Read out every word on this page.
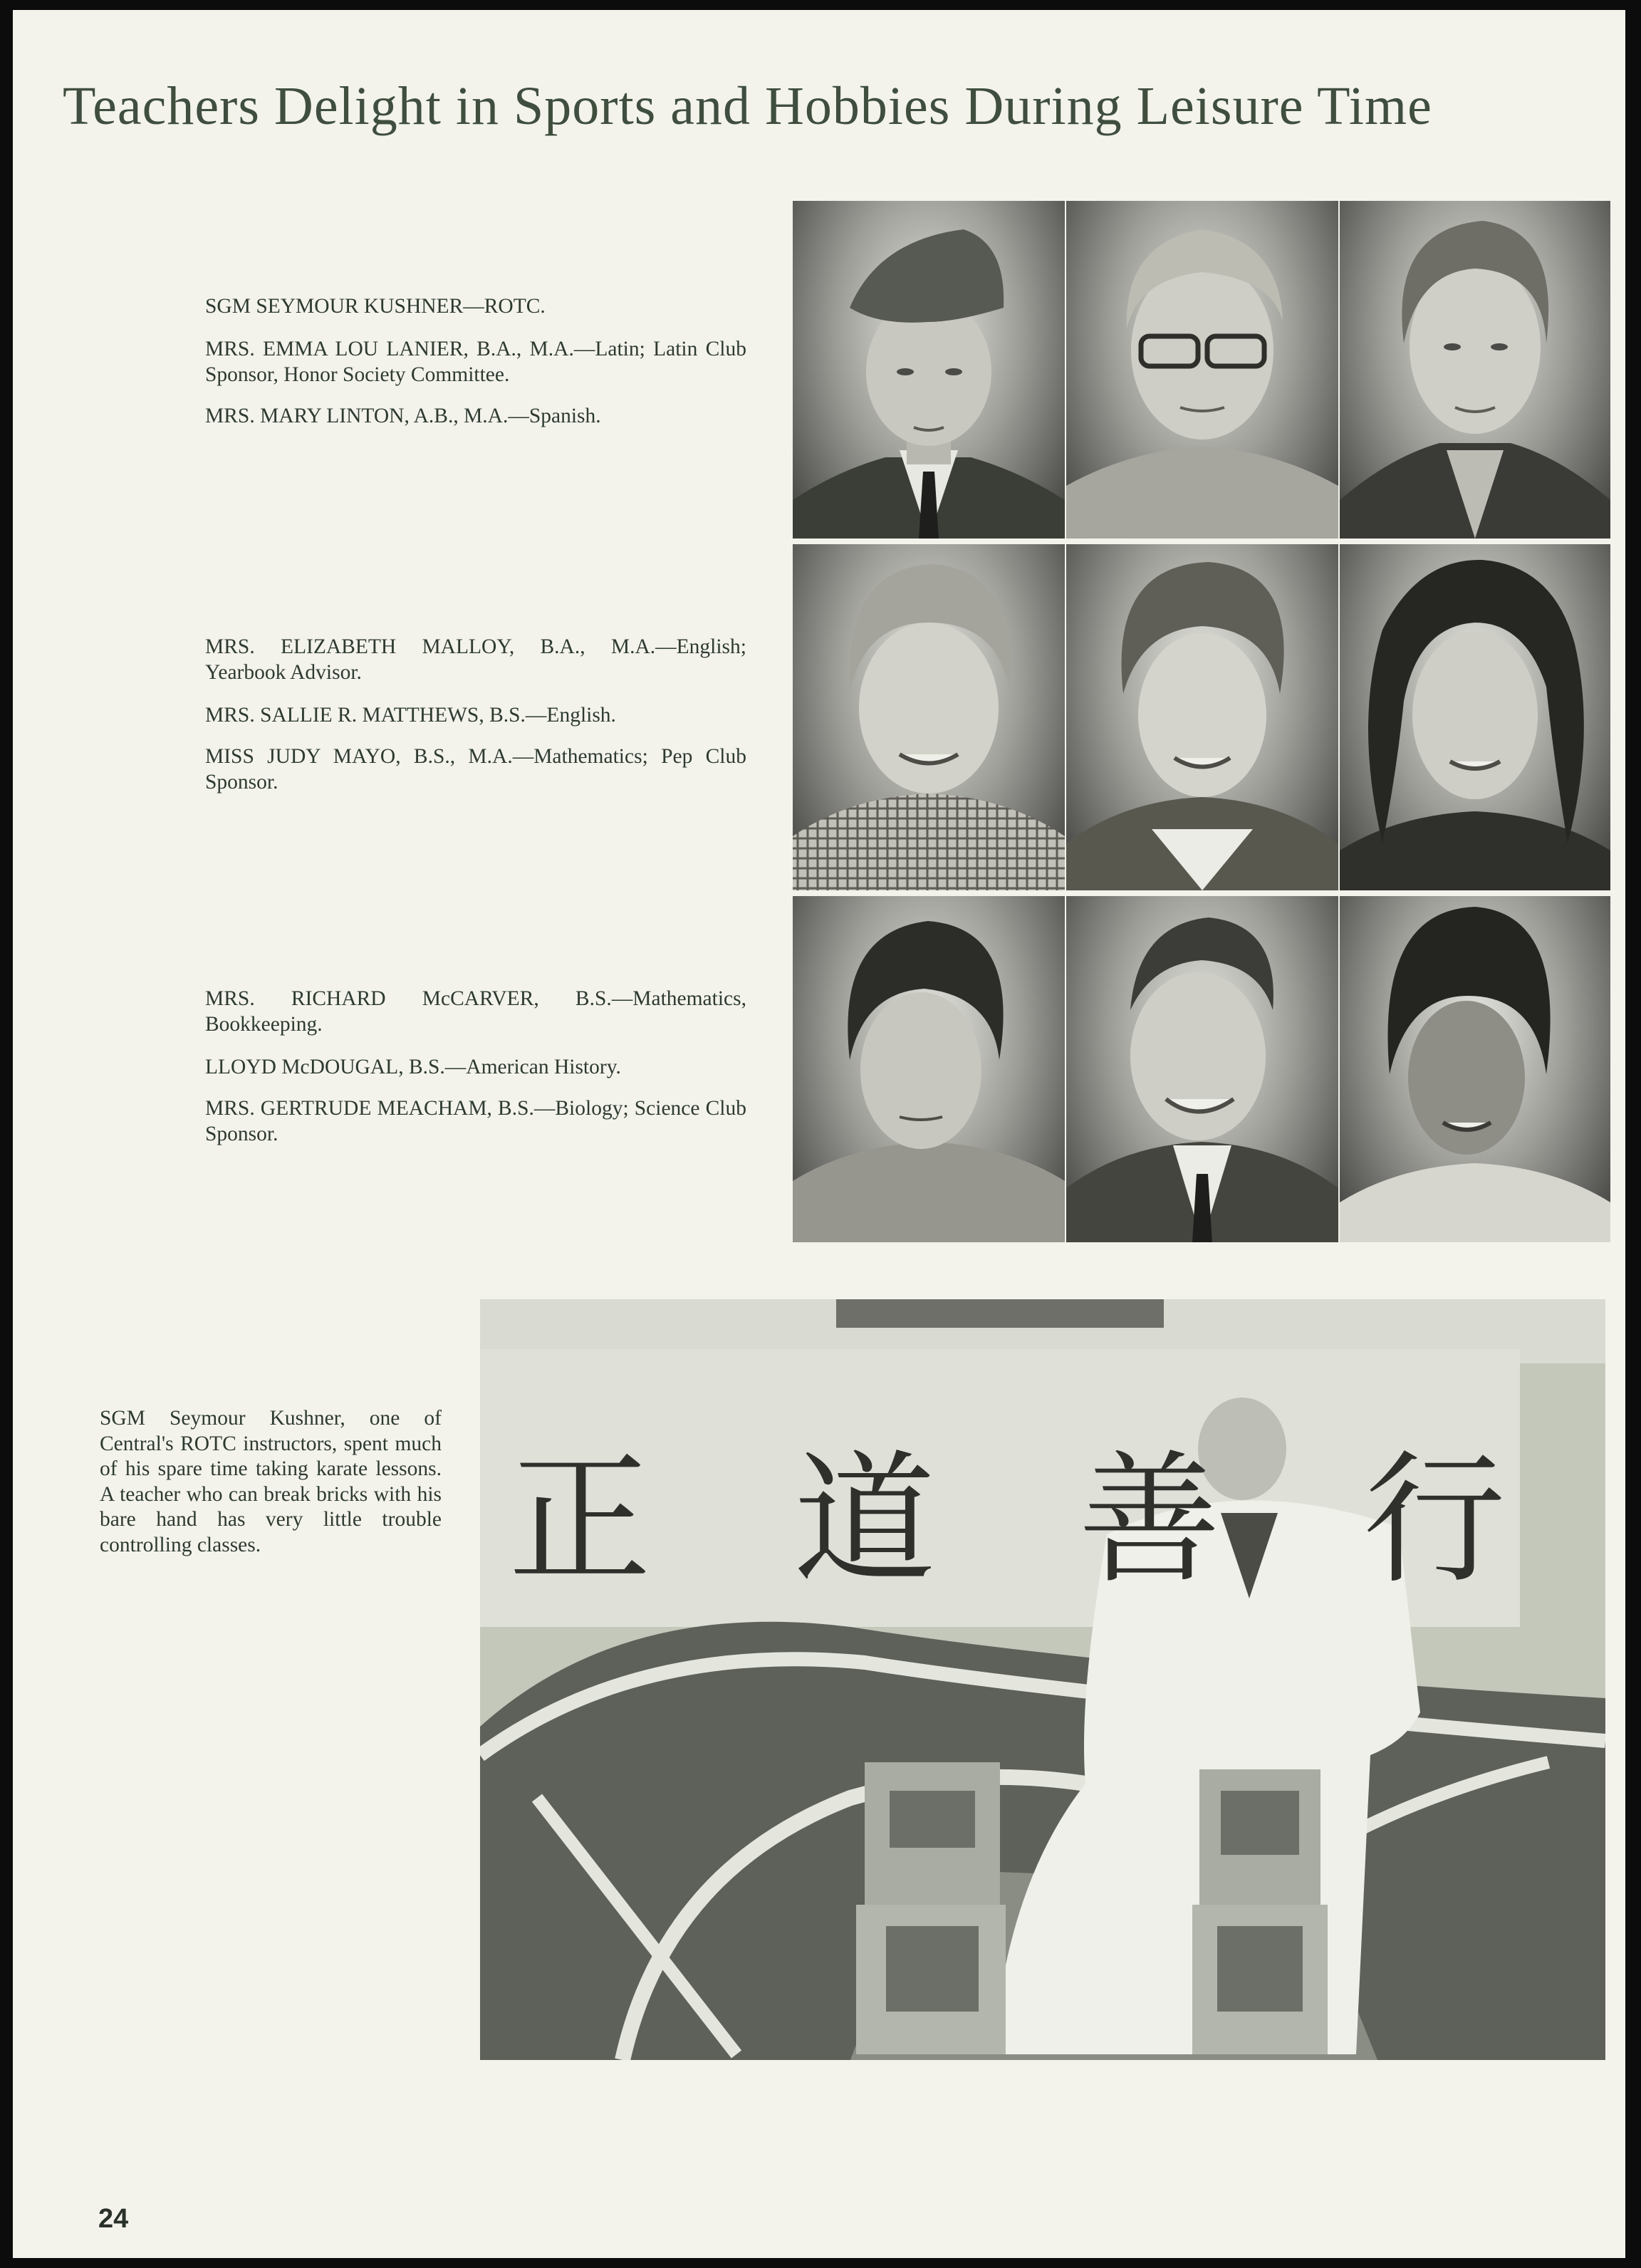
Teachers Delight in Sports and Hobbies During Leisure Time

SGM SEYMOUR KUSHNER—ROTC.

MRS. EMMA LOU LANIER, B.A., M.A.—Latin; Latin Club Sponsor, Honor Society Committee.

MRS. MARY LINTON, A.B., M.A.—Spanish.

MRS. ELIZABETH MALLOY, B.A., M.A.—English; Yearbook Advisor.

MRS. SALLIE R. MATTHEWS, B.S.—English.

MISS JUDY MAYO, B.S., M.A.—Mathematics; Pep Club Sponsor.

MRS. RICHARD McCARVER, B.S.—Mathematics, Bookkeeping.

LLOYD McDOUGAL, B.S.—American History.

MRS. GERTRUDE MEACHAM, B.S.—Biology; Science Club Sponsor.

正 道 善 行

SGM Seymour Kushner, one of Central's ROTC instructors, spent much of his spare time taking karate lessons. A teacher who can break bricks with his bare hand has very little trouble controlling classes.

24
